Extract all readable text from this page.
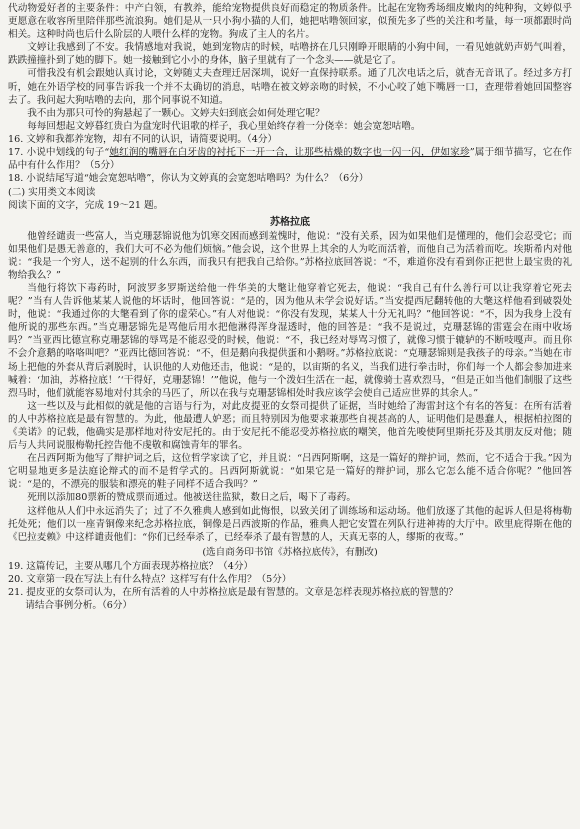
代动物爱好者的主要条件：中产白领，有教养，能给宠物提供良好而稳定的物质条件。比起在宠物秀场细皮嫩肉的纯种狗，文婷似乎更愿意在收容所里陪伴那些流浪狗。她们是从一只小狗小猫的人们，她把咕噜领回家，似预先多了些的关注和考量，每一项都跟时尚相关。这种时尚也后什么阶层的人喂什么样的宠物。狗成了主人的名片。

文婷让我感到了不安。我情感地对我说，她到宠物店的时候，咕噜挤在几只刚睁开眼睛的小狗中间，一看见她就奶声奶气叫着，跌跌撞撞扑到了她的脚下。她一接触到它小小的身体，脑子里就有了一个念头——就是它了。

可惜我没有机会跟她认真讨论，文婷随丈夫查理迁居深圳，说好一直保持联系。通了几次电话之后，就杳无音讯了。经过多方打听，她在外语学校的同事告诉我一个并不太确切的消息，咕噜在被文婷亲吻的时候，不小心咬了她下嘴唇一口，查理带着她回国整容去了。我问起大狗咕噜的去向，那个同事说不知道。

我不由为那只可怜的狗悬起了一颗心。文婷夫妇到底会如何处理它呢？

每每回想起文婷暮红贵白为盘宠时代诅歌的样子，我心里始终存着一分侥幸：她会宽恕咕噜。

16. 文婷和我都养宠物，却有不同的认识，请简要说明。（4分）

17. 小说中划线的句子“她红润的嘴唇在白牙齿的衬托下一开一合，让那些枯燥的数字也一闪一闪，伊如家珍”属于细节描写，它在作品中有什么作用？（5分）

18. 小说结尾写道“她会宽恕咕噜”，你认为文婷真的会宽恕咕噜吗？为什么？（6分）

(二) 实用类文本阅读

阅读下面的文字，完成 19～21 题。

苏格拉底

他曾经谴责一些富人，当克珊瑟锦说他为饥寒交困而感到羞愧时，他说：“没有关系，因为如果他们是懂理的，他们会忍受它；而如果他们是愚无善意的，我们大可不必为他们烦恼。”他会说，这个世界上其余的人为吃而活着，而他自己为活着而吃。埃斯希内对他说：“我是一个穷人，送不起别的什么东西，而我只有把我自己给你。”苏格拉底回答说：“不，难道你没有看到你正把世上最宝贵的礼物给我么？”

当他行将饮下毒药时，阿波罗多罗斯送给他一件华美的大氅让他穿着它死去，他说：“我自己有什么善行可以让我穿着它死去呢？”当有人告诉他某某人说他的坏话时，他回答说：“是的，因为他从未学会说好话。”当安提西尼翻转他的大氅这样他看到破裂处时，他说：“我通过你的大氅看到了你的虚荣心。”有人对他说：“你没有发现，某某人十分无礼吗？”他回答说：“不，因为我身上没有他所说的那些东西。”当克珊瑟锦先是骂他后用水把他淋得浑身湿透时，他的回答是：“我不是说过，克珊瑟锦的雷霆会在雨中收场吗？”当亚西比德宣称克珊瑟锦的辱骂是不能忍受的时候，他说：“不，我已经对辱骂习惯了，就像习惯于辘轳的不断吱嘎声。而且你不会介意鹅的咯咯叫吧？”亚西比德回答说：“不，但是鹅向我提供蛋和小鹅呀。”苏格拉底说：“克珊瑟锦则是我孩子的母亲。”当她在市场上把他的外套从背后剥脱时，认识他的人劝他还击，他说：“是的，以宙斯的名义，当我们进行拳击时，你们每一个人都会参加进来喊着：‘加油，苏格拉底！’‘干得好，克珊瑟锦！’”他说，他与一个泼妇生活在一起，就像骑士喜欢烈马，“但是正如当他们制服了这些烈马时，他们就能容易地对付其余的马匹了，所以在我与克珊瑟锦相处时我应该学会使自己适应世界的其余人。”

这一些以及与此相似的就是他的言语与行为，对此皮提亚的女祭司提供了证据，当时她给了海雷封这个有名的答复：在所有活着的人中苏格拉底是最有智慧的。为此，他最遭人妒恶；而且特别因为他要求兼那些自视甚高的人，证明他们是愚蠢人，根据柏拉图的《美诺》的记载，他确实是那样地对待安尼托的。由于安尼托不能忍受苏格拉底的嘲笑，他首先唆使阿里斯托芬及其朋友反对他；随后与人共同说服梅勒托控告他不虔敬和腐蚀青年的罪名。

在吕西阿斯为他写了辩护词之后，这位哲学家读了它，并且说：“吕西阿斯啊，这是一篇好的辩护词，然而，它不适合于我。”因为它明显地更多是法庭论辩式的而不是哲学式的。吕西阿斯就说：“如果它是一篇好的辩护词，那么它怎么能不适合你呢？”他回答说：“是的，不漂亮的服装和漂亮的鞋子同样不适合我吗？”

死刑以添加80票新的赞成票而通过。他被送往监狱，数日之后，喝下了毒药。

这样他从人们中永远消失了；过了不久雅典人感到如此悔恨，以致关闭了训练场和运动场。他们放逐了其他的起诉人但是将梅勒托处死；他们以一座青铜像来纪念苏格拉底，铜像是吕西波斯的作品，雅典人把它安置在列队行进神祷的大厅中。欧里庇得斯在他的《巴拉麦赖》中这样谴责他们：“你们已经奉杀了，已经奉杀了最有智慧的人，天真无辜的人，缪斯的夜莺。”

(选自商务印书馆《苏格拉底传》，有删改)

19. 这篇传记，主要从哪几个方面表现苏格拉底？（4分）

20. 文章第一段在写法上有什么特点？这样写有什么作用？（5分）

21. 提皮亚的女祭司认为，在所有活着的人中苏格拉底是最有智慧的。文章是怎样表现苏格拉底的智慧的？

请结合事例分析。（6分）
